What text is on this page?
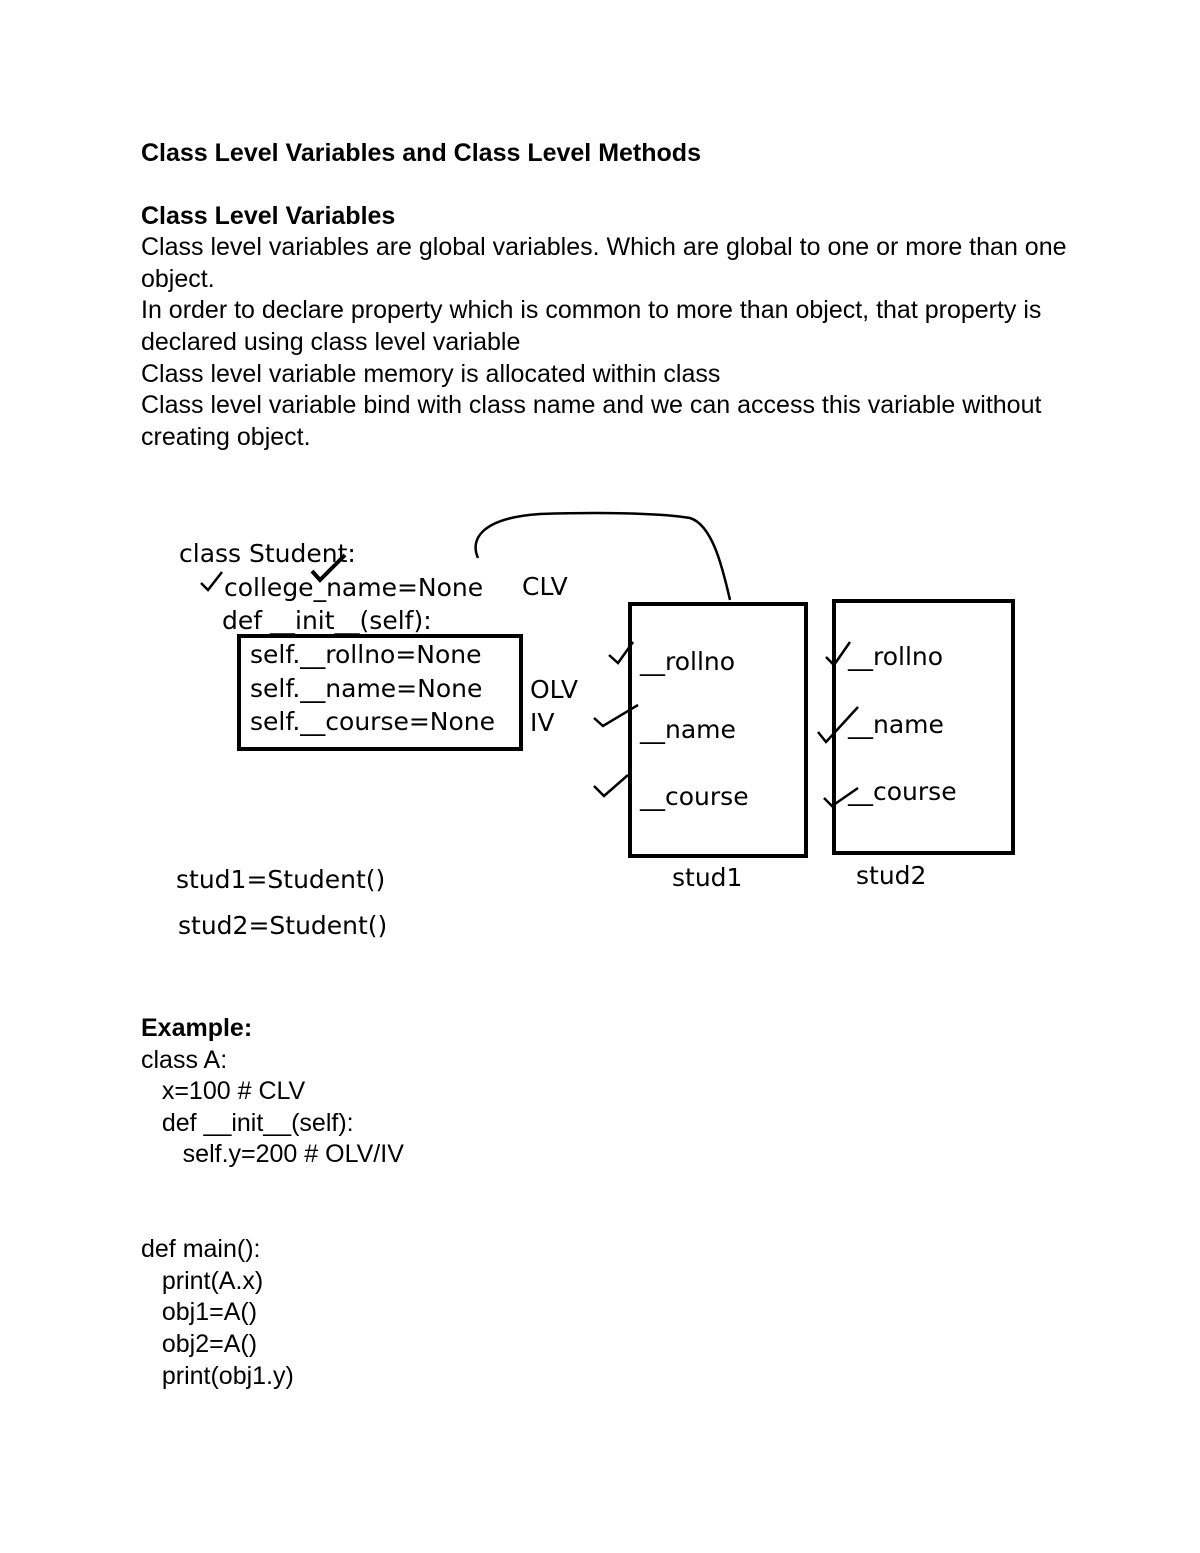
Class Level Variables and Class Level Methods
Class Level Variables

Class level variables are global variables. Which are global to one or more than one object.

In order to declare property which is common to more than object, that property is declared using class level variable

Class level variable memory is allocated within class

Class level variable bind with class name and we can access this variable without creating object.

class Student:
college_name=None CLV
def __init__(self):
self.__rollno=None
self.__name=None
self.__course=None
OLV
IV
__rollno
__name
__course
stud1
__rollno
__name
__course
stud2
stud1=Student()
stud2=Student()
Example:
class A:
x=100 # CLV
def __init__(self):
self.y=200 # OLV/IV
def main():
print(A.x)
obj1=A()
obj2=A()
print(obj1.y)
